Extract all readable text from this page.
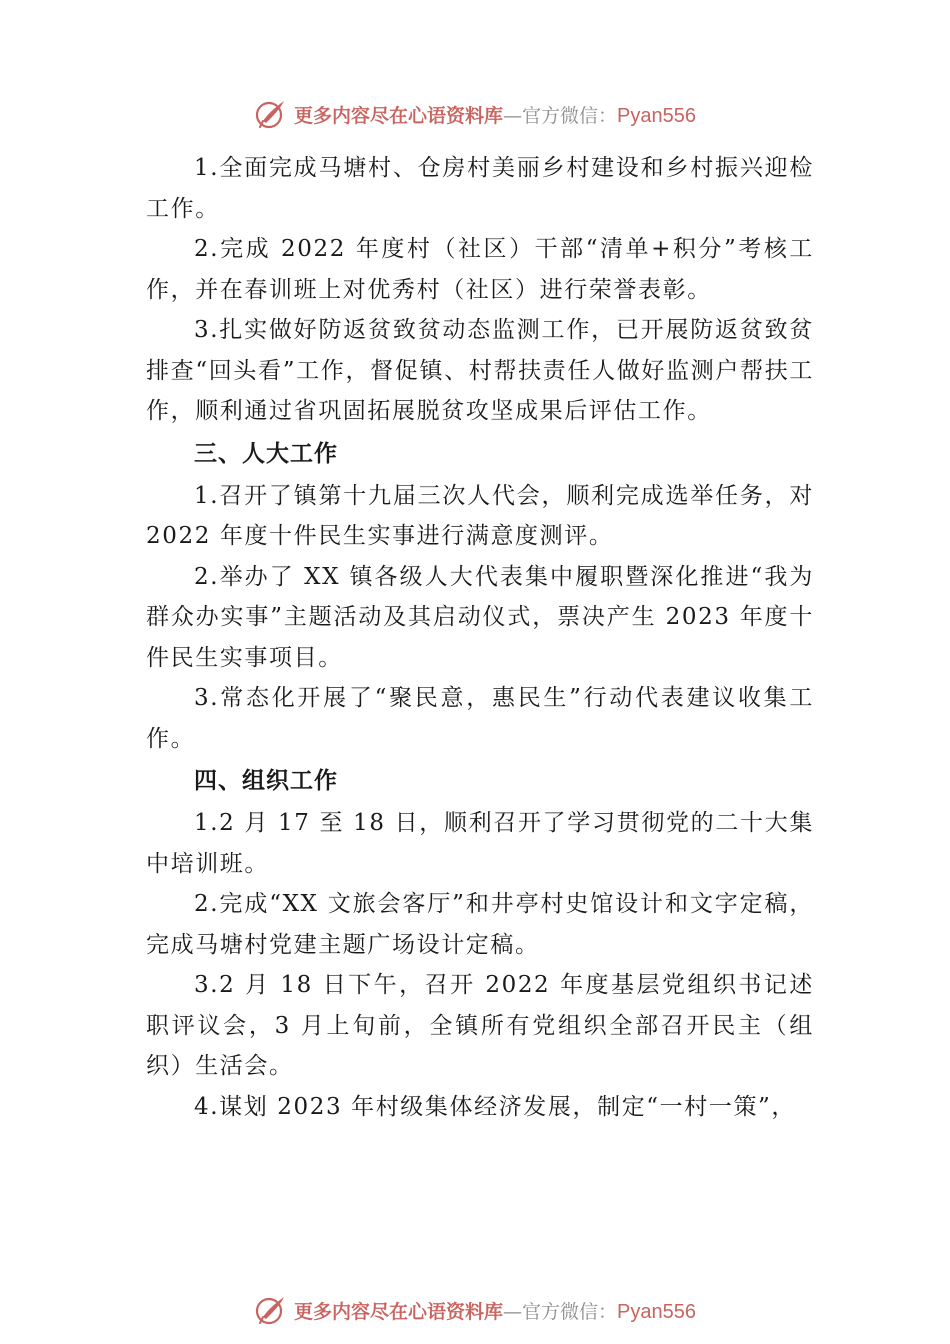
更多内容尽在心语资料库 —官方微信： Pyan556

1.全面完成马塘村、仓房村美丽乡村建设和乡村振兴迎检工作。

2.完成 2022 年度村（社区）干部“清单+积分”考核工作，并在春训班上对优秀村（社区）进行荣誉表彰。

3.扎实做好防返贫致贫动态监测工作，已开展防返贫致贫排查“回头看”工作，督促镇、村帮扶责任人做好监测户帮扶工作，顺利通过省巩固拓展脱贫攻坚成果后评估工作。

三、人大工作

1.召开了镇第十九届三次人代会，顺利完成选举任务，对 2022 年度十件民生实事进行满意度测评。

2.举办了 XX 镇各级人大代表集中履职暨深化推进“我为群众办实事”主题活动及其启动仪式，票决产生 2023 年度十件民生实事项目。

3.常态化开展了“聚民意，惠民生”行动代表建议收集工作。

四、组织工作

1.2 月 17 至 18 日，顺利召开了学习贯彻党的二十大集中培训班。

2.完成“XX 文旅会客厅”和井亭村史馆设计和文字定稿，完成马塘村党建主题广场设计定稿。

3.2 月 18 日下午，召开 2022 年度基层党组织书记述职评议会，3 月上旬前，全镇所有党组织全部召开民主（组织）生活会。

4.谋划 2023 年村级集体经济发展，制定“一村一策”，

更多内容尽在心语资料库 —官方微信： Pyan556
